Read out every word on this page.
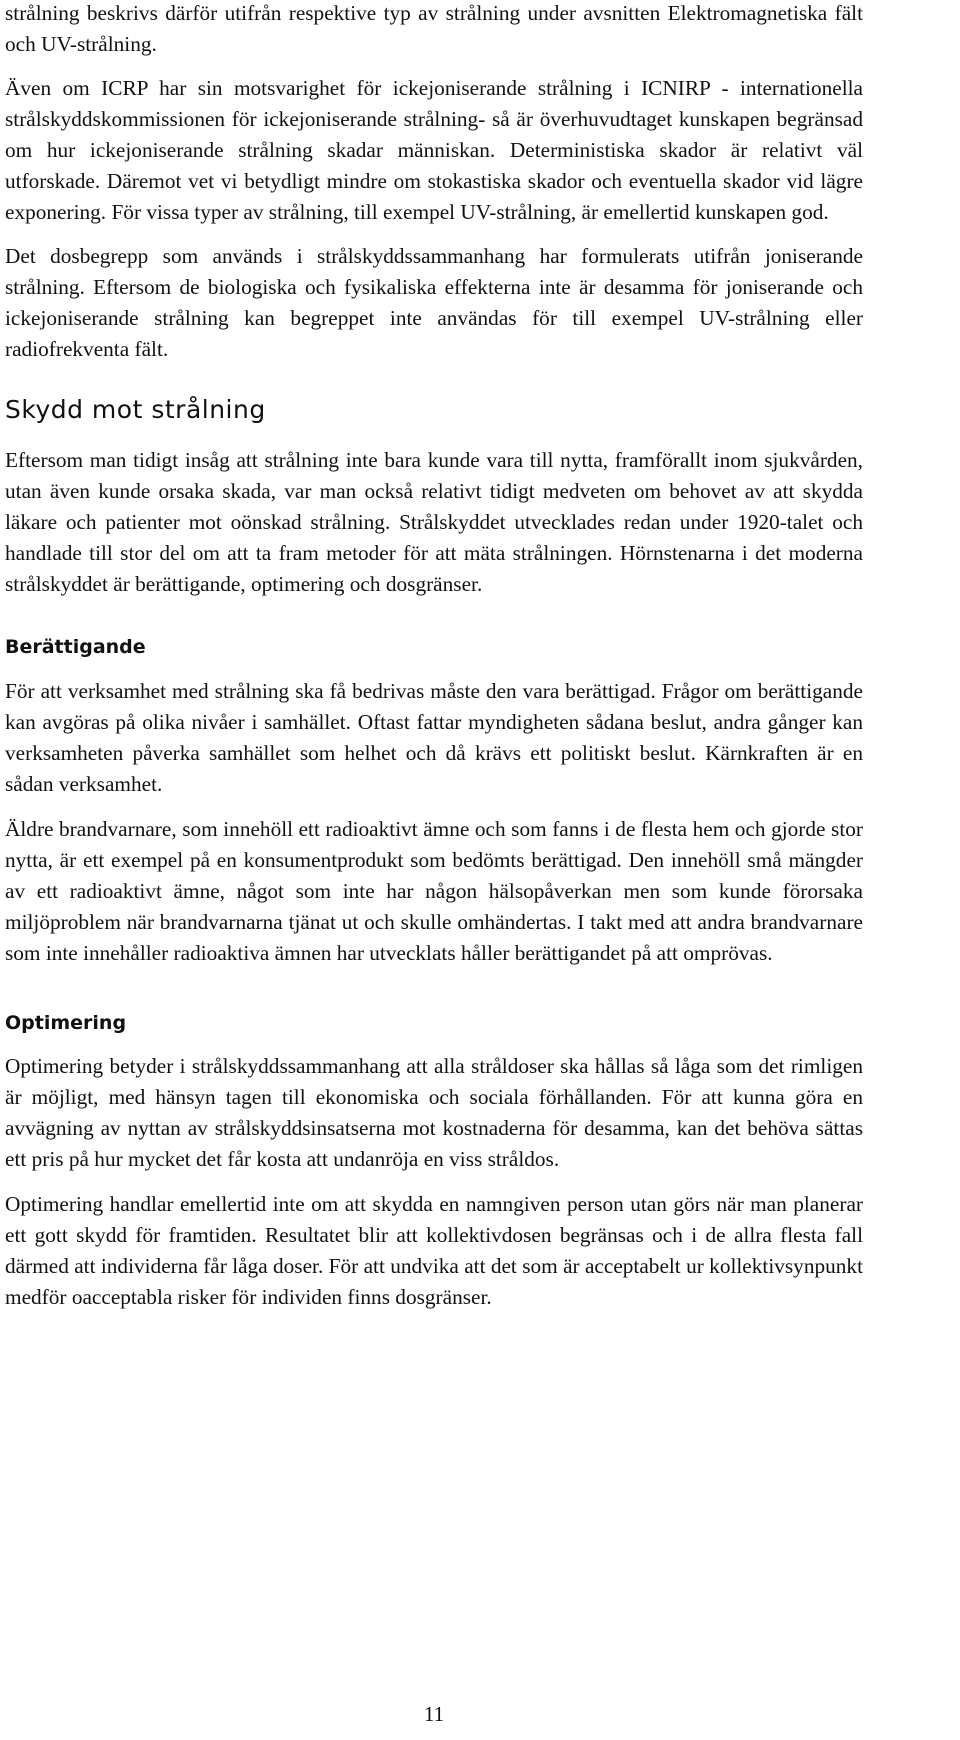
strålning beskrivs därför utifrån respektive typ av strålning under avsnitten Elektromagnetiska fält och UV-strålning.

Även om ICRP har sin motsvarighet för ickejoniserande strålning i ICNIRP - internationella strålskyddskommissionen för ickejoniserande strålning- så är överhuvudtaget kunskapen begränsad om hur ickejoniserande strålning skadar människan. Deterministiska skador är relativt väl utforskade. Däremot vet vi betydligt mindre om stokastiska skador och eventuella skador vid lägre exponering. För vissa typer av strålning, till exempel UV-strålning, är emellertid kunskapen god.

Det dosbegrepp som används i strålskyddssammanhang har formulerats utifrån joniserande strålning. Eftersom de biologiska och fysikaliska effekterna inte är desamma för joniserande och ickejoniserande strålning kan begreppet inte användas för till exempel UV-strålning eller radiofrekventa fält.

Skydd mot strålning

Eftersom man tidigt insåg att strålning inte bara kunde vara till nytta, framförallt inom sjukvården, utan även kunde orsaka skada, var man också relativt tidigt medveten om behovet av att skydda läkare och patienter mot oönskad strålning. Strålskyddet utvecklades redan under 1920-talet och handlade till stor del om att ta fram metoder för att mäta strålningen. Hörnstenarna i det moderna strålskyddet är berättigande, optimering och dosgränser.

Berättigande

För att verksamhet med strålning ska få bedrivas måste den vara berättigad. Frågor om berättigande kan avgöras på olika nivåer i samhället. Oftast fattar myndigheten sådana beslut, andra gånger kan verksamheten påverka samhället som helhet och då krävs ett politiskt beslut. Kärnkraften är en sådan verksamhet.

Äldre brandvarnare, som innehöll ett radioaktivt ämne och som fanns i de flesta hem och gjorde stor nytta, är ett exempel på en konsumentprodukt som bedömts berättigad. Den innehöll små mängder av ett radioaktivt ämne, något som inte har någon hälsopåverkan men som kunde förorsaka miljöproblem när brandvarnarna tjänat ut och skulle omhändertas. I takt med att andra brandvarnare som inte innehåller radioaktiva ämnen har utvecklats håller berättigandet på att omprövas.

Optimering

Optimering betyder i strålskyddssammanhang att alla stråldoser ska hållas så låga som det rimligen är möjligt, med hänsyn tagen till ekonomiska och sociala förhållanden. För att kunna göra en avvägning av nyttan av strålskyddsinsatserna mot kostnaderna för desamma, kan det behöva sättas ett pris på hur mycket det får kosta att undanröja en viss stråldos.

Optimering handlar emellertid inte om att skydda en namngiven person utan görs när man planerar ett gott skydd för framtiden. Resultatet blir att kollektivdosen begränsas och i de allra flesta fall därmed att individerna får låga doser. För att undvika att det som är acceptabelt ur kollektivsynpunkt medför oacceptabla risker för individen finns dosgränser.

11
